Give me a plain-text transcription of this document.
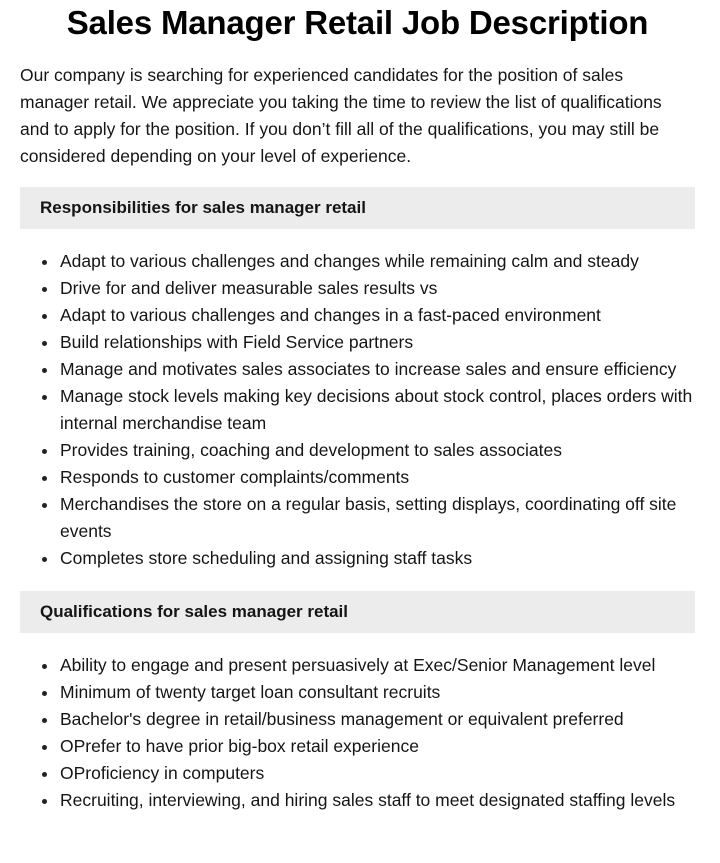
Sales Manager Retail Job Description

Our company is searching for experienced candidates for the position of sales manager retail. We appreciate you taking the time to review the list of qualifications and to apply for the position. If you don’t fill all of the qualifications, you may still be considered depending on your level of experience.

Responsibilities for sales manager retail
Adapt to various challenges and changes while remaining calm and steady
Drive for and deliver measurable sales results vs
Adapt to various challenges and changes in a fast-paced environment
Build relationships with Field Service partners
Manage and motivates sales associates to increase sales and ensure efficiency
Manage stock levels making key decisions about stock control, places orders with internal merchandise team
Provides training, coaching and development to sales associates
Responds to customer complaints/comments
Merchandises the store on a regular basis, setting displays, coordinating off site events
Completes store scheduling and assigning staff tasks
Qualifications for sales manager retail
Ability to engage and present persuasively at Exec/Senior Management level
Minimum of twenty target loan consultant recruits
Bachelor's degree in retail/business management or equivalent preferred
OPrefer to have prior big-box retail experience
OProficiency in computers
Recruiting, interviewing, and hiring sales staff to meet designated staffing levels
